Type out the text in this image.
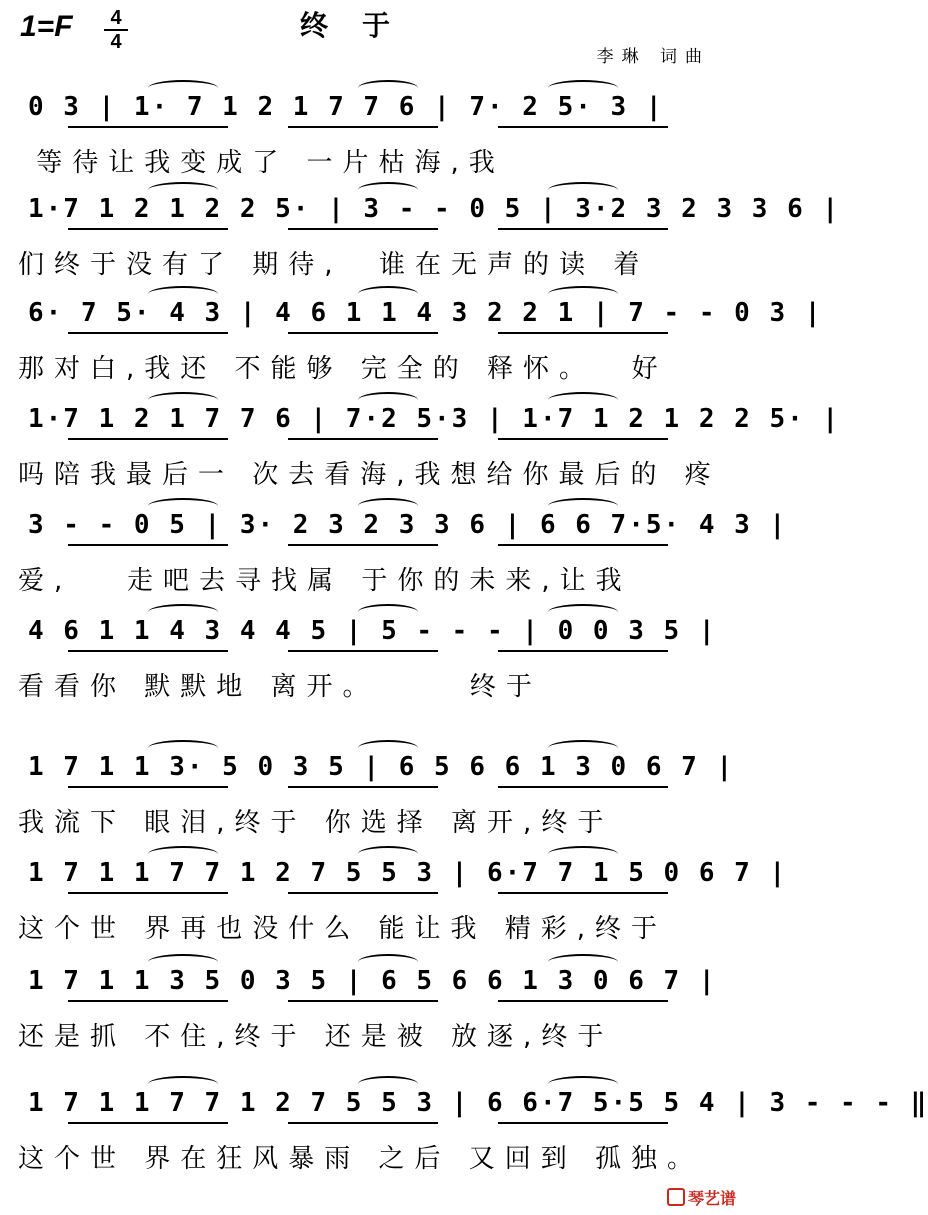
1=F	4
4	终于
李琳 词曲
0 3 | 1· 7 1 2 1 7 7 6 | 7· 2 5· 3 |
等待让我变成了 一片枯海,我
1·7 1 2 1 2 2 5· | 3 - - 0 5 | 3·2 3 2 3 3 6 |
们终于没有了 期待,  谁在无声的读 着
6· 7 5· 4 3 | 4 6 1 1 4 3 2 2 1 | 7 - - 0 3 |
那对白,我还 不能够 完全的 释怀。  好
1·7 1 2 1 7 7 6 | 7·2 5·3 | 1·7 1 2 1 2 2 5· |
吗陪我最后一 次去看海,我想给你最后的 疼
3 - - 0 5 | 3· 2 3 2 3 3 6 | 6 6 7·5· 4 3 |
爱,   走吧去寻找属 于你的未来,让我
4 6 1 1 4 3 4 4 5 | 5 - - - | 0 0 3 5 |
看看你 默默地 离开。     终于
1 7 1 1 3· 5 0 3 5 | 6 5 6 6 1 3 0 6 7 |
我流下 眼泪,终于 你选择 离开,终于
1 7 1 1 7 7 1 2 7 5 5 3 | 6·7 7 1 5 0 6 7 |
这个世 界再也没什么 能让我 精彩,终于
1 7 1 1 3 5 0 3 5 | 6 5 6 6 1 3 0 6 7 |
还是抓 不住,终于 还是被 放逐,终于
1 7 1 1 7 7 1 2 7 5 5 3 | 6 6·7 5·5 5 4 | 3 - - - ‖
这个世 界在狂风暴雨 之后 又回到 孤独。
琴艺谱
